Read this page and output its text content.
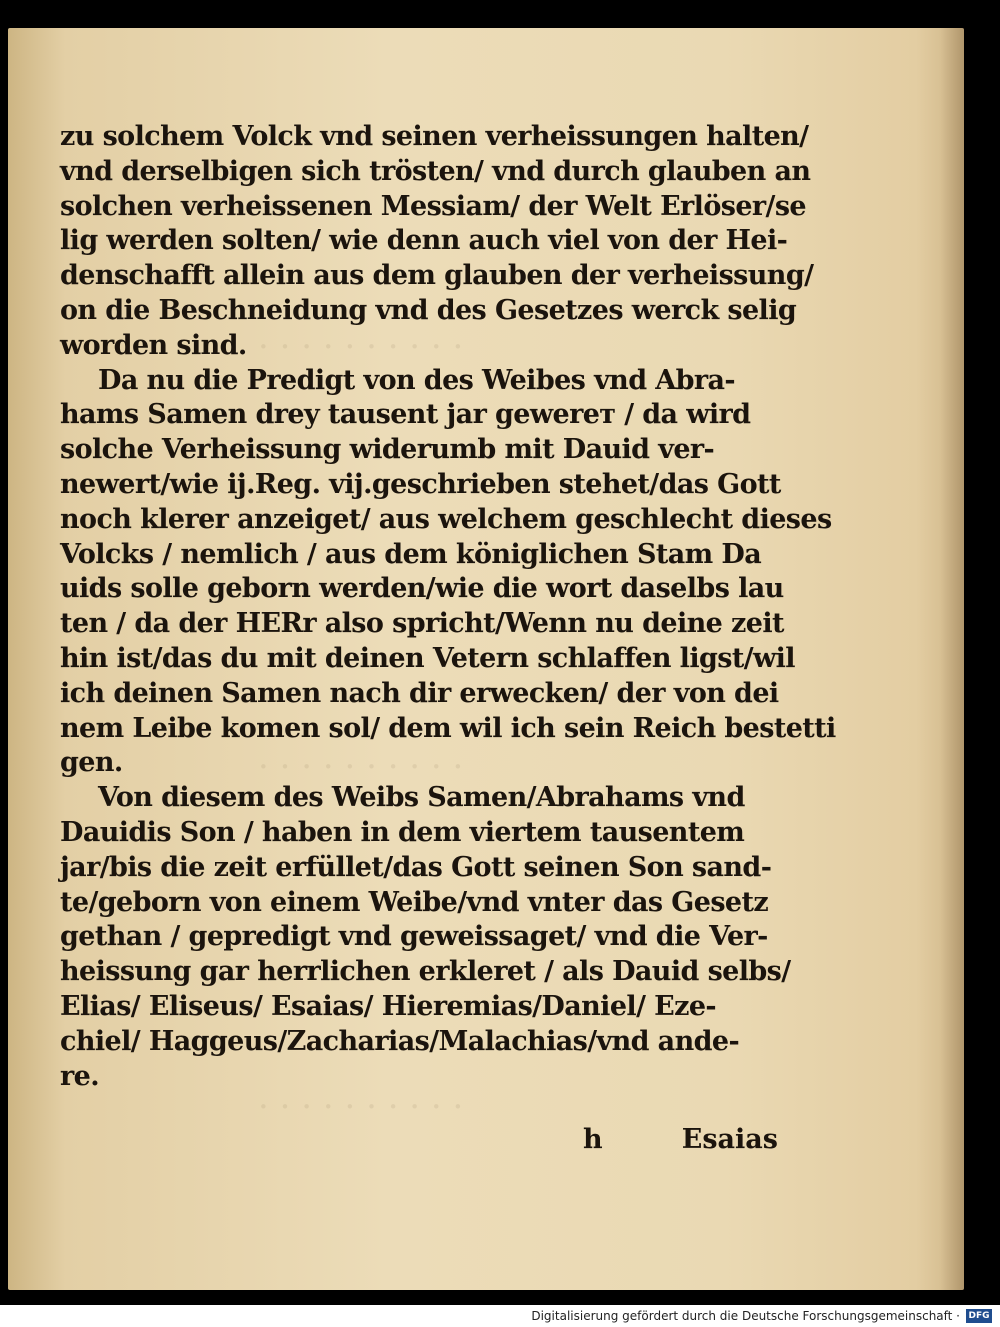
· · · · · · · · · ·
· · · · · · · · · ·
· · · · · · · · · ·
zu solchem Volck vnd seinen verheissungen halten/
vnd derselbigen sich trösten/ vnd durch glauben an
solchen verheissenen Messiam/ der Welt Erlöser/se
lig werden solten/ wie denn auch viel von der Hei-
denschafft allein aus dem glauben der verheissung/
on die Beschneidung vnd des Gesetzes werck selig
worden sind.
Da nu die Predigt von des Weibes vnd Abra-
hams Samen drey tausent jar gewerет / da wird
solche Verheissung widerumb mit Dauid ver-
newert/wie ij.Reg. vij.geschrieben stehet/das Gott
noch klerer anzeiget/ aus welchem geschlecht dieses
Volcks / nemlich / aus dem königlichen Stam Da
uids solle geborn werden/wie die wort daselbs lau
ten / da der HERr also spricht/Wenn nu deine zeit
hin ist/das du mit deinen Vetern schlaffen ligst/wil
ich deinen Samen nach dir erwecken/ der von dei
nem Leibe komen sol/ dem wil ich sein Reich bestetti
gen.
Von diesem des Weibs Samen/Abrahams vnd
Dauidis Son / haben in dem viertem tausentem
jar/bis die zeit erfüllet/das Gott seinen Son sand-
te/geborn von einem Weibe/vnd vnter das Gesetz
gethan / gepredigt vnd geweissaget/ vnd die Ver-
heissung gar herrlichen erkleret / als Dauid selbs/
Elias/ Eliseus/ Esaias/ Hieremias/Daniel/ Eze-
chiel/ Haggeus/Zacharias/Malachias/vnd ande-
re.
h	Esaias
Digitalisierung gefördert durch die Deutsche Forschungsgemeinschaft · DFG
